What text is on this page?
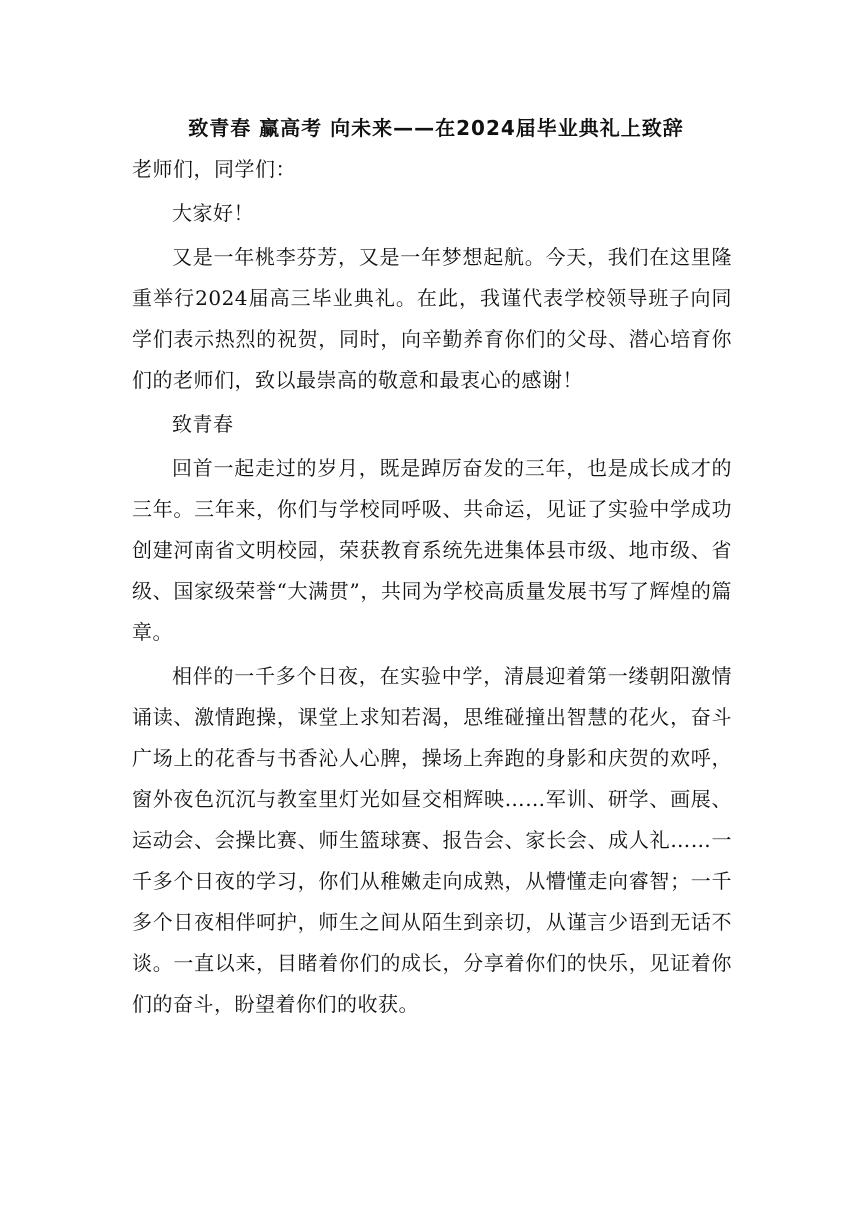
致青春 赢高考 向未来——在2024届毕业典礼上致辞

老师们，同学们：

大家好！

又是一年桃李芬芳，又是一年梦想起航。今天，我们在这里隆重举行2024届高三毕业典礼。在此，我谨代表学校领导班子向同学们表示热烈的祝贺，同时，向辛勤养育你们的父母、潜心培育你们的老师们，致以最崇高的敬意和最衷心的感谢！

致青春

回首一起走过的岁月，既是踔厉奋发的三年，也是成长成才的三年。三年来，你们与学校同呼吸、共命运，见证了实验中学成功创建河南省文明校园，荣获教育系统先进集体县市级、地市级、省级、国家级荣誉“大满贯”，共同为学校高质量发展书写了辉煌的篇章。

相伴的一千多个日夜，在实验中学，清晨迎着第一缕朝阳激情诵读、激情跑操，课堂上求知若渴，思维碰撞出智慧的花火，奋斗广场上的花香与书香沁人心脾，操场上奔跑的身影和庆贺的欢呼，窗外夜色沉沉与教室里灯光如昼交相辉映……军训、研学、画展、运动会、会操比赛、师生篮球赛、报告会、家长会、成人礼……一千多个日夜的学习，你们从稚嫩走向成熟，从懵懂走向睿智；一千多个日夜相伴呵护，师生之间从陌生到亲切，从谨言少语到无话不谈。一直以来，目睹着你们的成长，分享着你们的快乐，见证着你们的奋斗，盼望着你们的收获。
